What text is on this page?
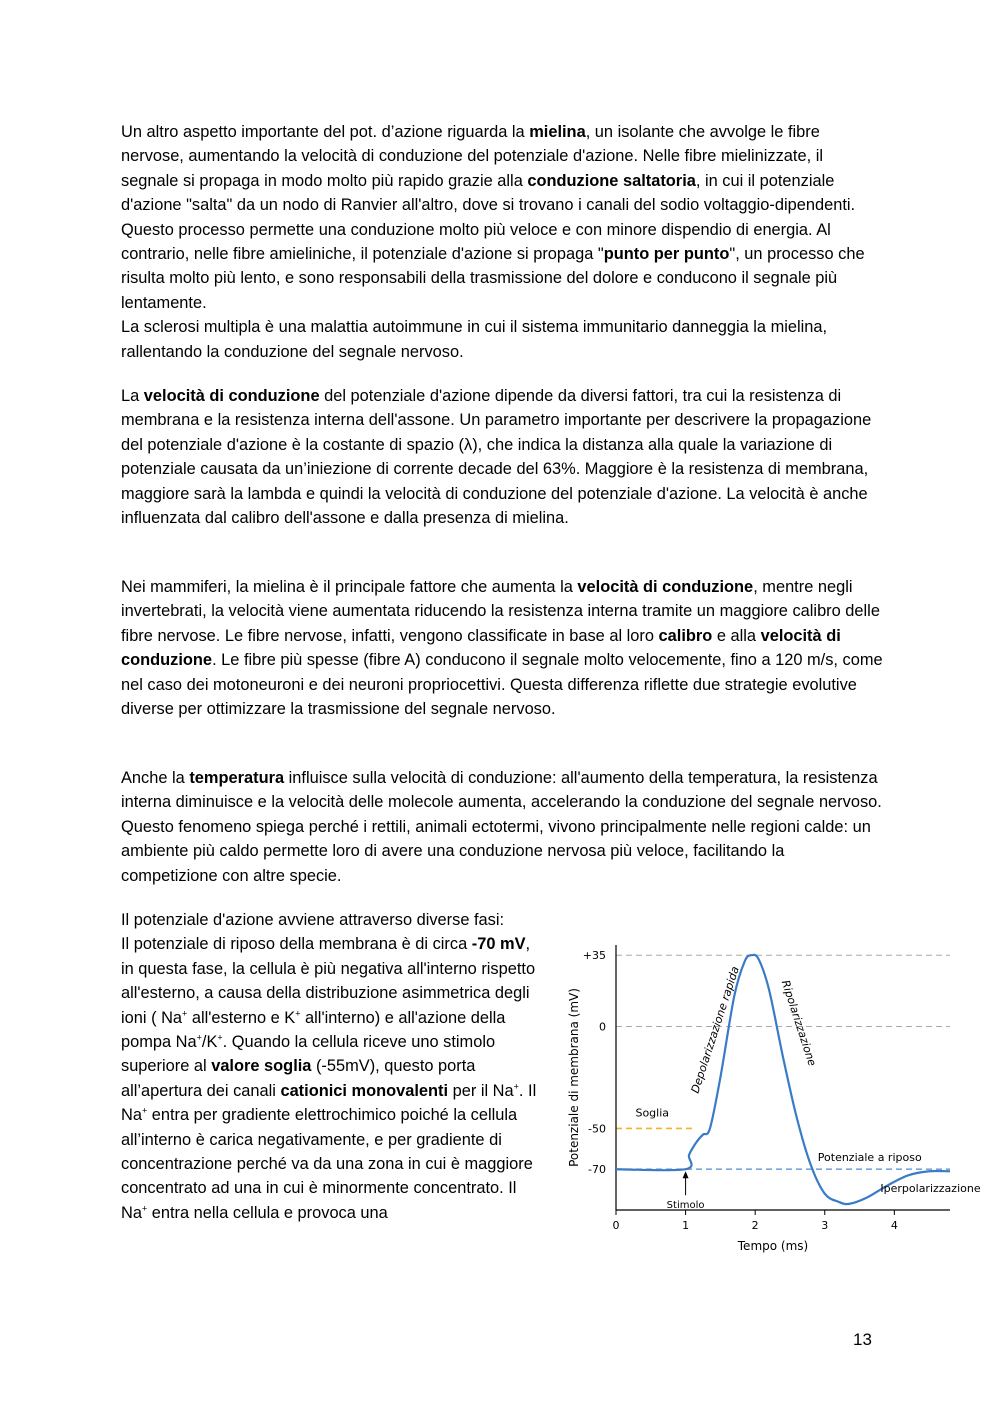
Un altro aspetto importante del pot. d’azione riguarda la mielina, un isolante che avvolge le fibre nervose, aumentando la velocità di conduzione del potenziale d'azione. Nelle fibre mielinizzate, il segnale si propaga in modo molto più rapido grazie alla conduzione saltatoria, in cui il potenziale d'azione "salta" da un nodo di Ranvier all'altro, dove si trovano i canali del sodio voltaggio-dipendenti. Questo processo permette una conduzione molto più veloce e con minore dispendio di energia. Al contrario, nelle fibre amieliniche, il potenziale d'azione si propaga "punto per punto", un processo che risulta molto più lento, e sono responsabili della trasmissione del dolore e conducono il segnale più lentamente.

La sclerosi multipla è una malattia autoimmune in cui il sistema immunitario danneggia la mielina, rallentando la conduzione del segnale nervoso.

La velocità di conduzione del potenziale d'azione dipende da diversi fattori, tra cui la resistenza di membrana e la resistenza interna dell'assone. Un parametro importante per descrivere la propagazione del potenziale d'azione è la costante di spazio (λ), che indica la distanza alla quale la variazione di potenziale causata da un’iniezione di corrente decade del 63%. Maggiore è la resistenza di membrana, maggiore sarà la lambda e quindi la velocità di conduzione del potenziale d'azione. La velocità è anche influenzata dal calibro dell'assone e dalla presenza di mielina.

Nei mammiferi, la mielina è il principale fattore che aumenta la velocità di conduzione, mentre negli invertebrati, la velocità viene aumentata riducendo la resistenza interna tramite un maggiore calibro delle fibre nervose. Le fibre nervose, infatti, vengono classificate in base al loro calibro e alla velocità di conduzione. Le fibre più spesse (fibre A) conducono il segnale molto velocemente, fino a 120 m/s, come nel caso dei motoneuroni e dei neuroni propriocettivi. Questa differenza riflette due strategie evolutive diverse per ottimizzare la trasmissione del segnale nervoso.

Anche la temperatura influisce sulla velocità di conduzione: all'aumento della temperatura, la resistenza interna diminuisce e la velocità delle molecole aumenta, accelerando la conduzione del segnale nervoso. Questo fenomeno spiega perché i rettili, animali ectotermi, vivono principalmente nelle regioni calde: un ambiente più caldo permette loro di avere una conduzione nervosa più veloce, facilitando la competizione con altre specie.

Il potenziale d'azione avviene attraverso diverse fasi:

Il potenziale di riposo della membrana è di circa -70 mV, in questa fase, la cellula è più negativa all'interno rispetto all'esterno, a causa della distribuzione asimmetrica degli ioni ( Na+ all'esterno e K+ all'interno) e all'azione della pompa Na+/K+. Quando la cellula riceve uno stimolo superiore al valore soglia (-55mV), questo porta all’apertura dei canali cationici monovalenti per il Na+. Il Na+ entra per gradiente elettrochimico poiché la cellula all’interno è carica negativamente, e per gradiente di concentrazione perché va da una zona in cui è maggiore concentrato ad una in cui è minormente concentrato. Il Na+ entra nella cellula e provoca una

0	1	2	3	4
+35
0
-50
-70
Potenziale di membrana (mV)
Tempo (ms)
Soglia
Stimolo
Depolarizzazione rapida	Ripolarizzazione
Potenziale a riposo
Iperpolarizzazione
13
